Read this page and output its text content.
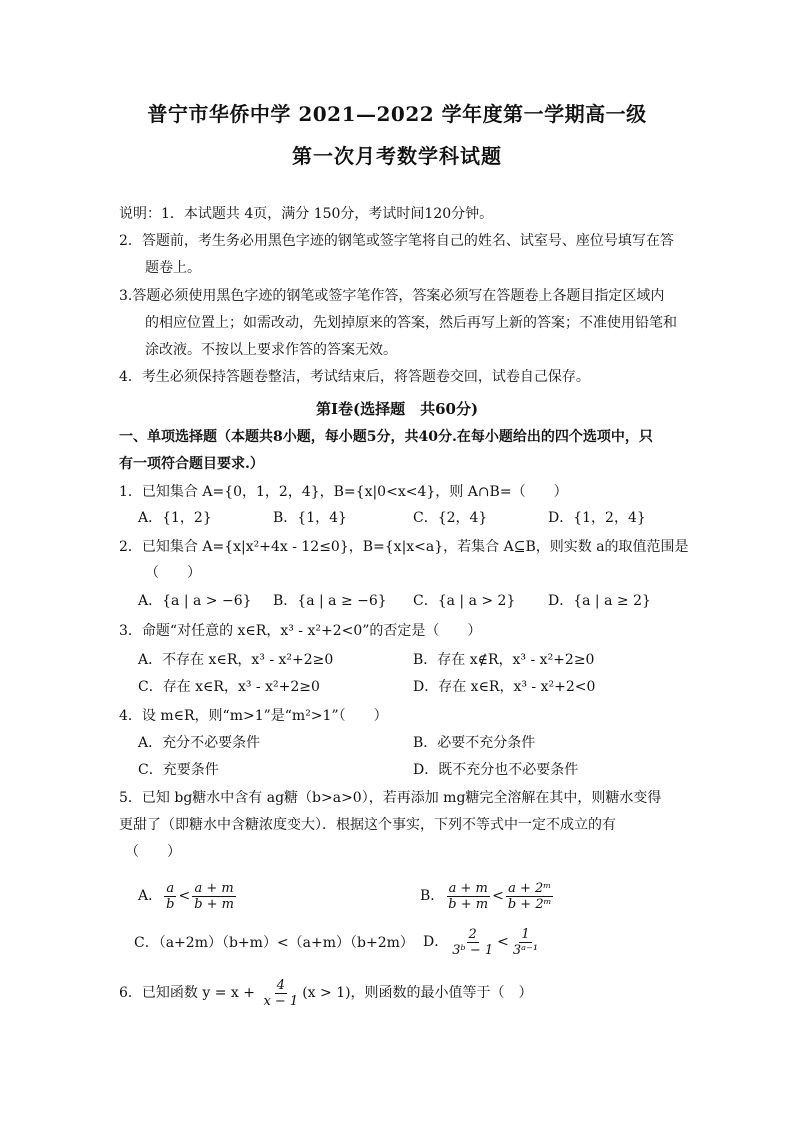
普宁市华侨中学 2021—2022 学年度第一学期高一级
第一次月考数学科试题
说明：1．本试题共 4页，满分 150分，考试时间120分钟。
2．答题前，考生务必用黑色字迹的钢笔或签字笔将自己的姓名、试室号、座位号填写在答
题卷上。
3.答题必须使用黑色字迹的钢笔或签字笔作答，答案必须写在答题卷上各题目指定区域内
的相应位置上；如需改动，先划掉原来的答案，然后再写上新的答案；不准使用铅笔和
涂改液。不按以上要求作答的答案无效。
4．考生必须保持答题卷整洁，考试结束后，将答题卷交回，试卷自己保存。
第Ⅰ卷(选择题　共60分)
一、单项选择题（本题共8小题，每小题5分，共40分.在每小题给出的四个选项中，只
有一项符合题目要求.）
1．已知集合 A={0，1，2，4}，B={x|0<x<4}，则 A∩B=（　　）
A．{1，2}	B．{1，4}	C．{2，4}	D．{1，2，4}
2．已知集合 A={x|x²+4x - 12≤0}，B={x|x<a}，若集合 A⊆B，则实数 a的取值范围是
（　　）
A．{a | a > −6} B．{a | a ≥ −6} C．{a | a > 2} D．{a | a ≥ 2}
3．命题“对任意的 x∈R，x³ - x²+2<0”的否定是（　　）
A．不存在 x∈R，x³ - x²+2≥0	B．存在 x∉R，x³ - x²+2≥0
C．存在 x∈R，x³ - x²+2≥0	D．存在 x∈R，x³ - x²+2<0
4．设 m∈R，则“m>1”是“m²>1”（　　）
A．充分不必要条件	B．必要不充分条件
C．充要条件	D．既不充分也不必要条件
5．已知 bg糖水中含有 ag糖（b>a>0），若再添加 mg糖完全溶解在其中，则糖水变得
更甜了（即糖水中含糖浓度变大）．根据这个事实，下列不等式中一定不成立的有
（　　）
A． $\frac{a}{b} < \frac{a + m}{b + m}$	B． $\frac{a + m}{b + m} < \frac{\text{a + 2ᵐ}}{\text{b + 2ᵐ}}$
C．（a+2m）（b+m）<（a+m）（b+2m） D． $\frac{2}{\text{3ᵇ − 1}} < \frac{1}{\text{3ᵃ⁻¹}}$
6．已知函数 $y = x + \frac{4}{x - 1} (x > 1)$，则函数的最小值等于（　）
